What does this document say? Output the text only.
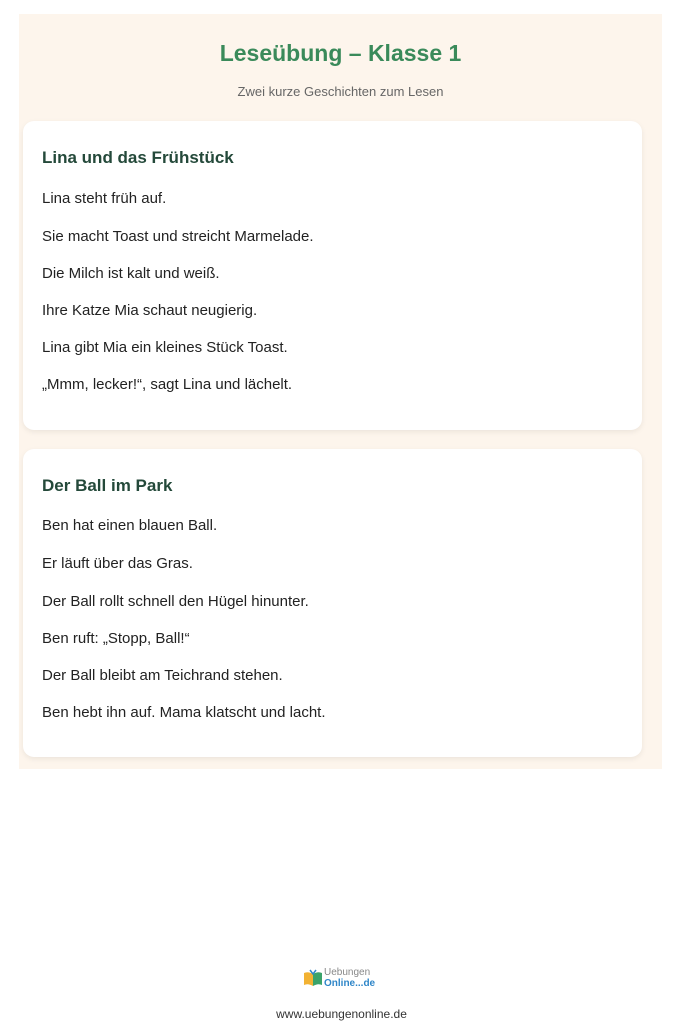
Leseübung – Klasse 1

Zwei kurze Geschichten zum Lesen

Lina und das Frühstück

Lina steht früh auf.

Sie macht Toast und streicht Marmelade.

Die Milch ist kalt und weiß.

Ihre Katze Mia schaut neugierig.

Lina gibt Mia ein kleines Stück Toast.

„Mmm, lecker!“, sagt Lina und lächelt.

Der Ball im Park

Ben hat einen blauen Ball.

Er läuft über das Gras.

Der Ball rollt schnell den Hügel hinunter.

Ben ruft: „Stopp, Ball!“

Der Ball bleibt am Teichrand stehen.

Ben hebt ihn auf. Mama klatscht und lacht.

Uebungen
Online...de

www.uebungenonline.de
